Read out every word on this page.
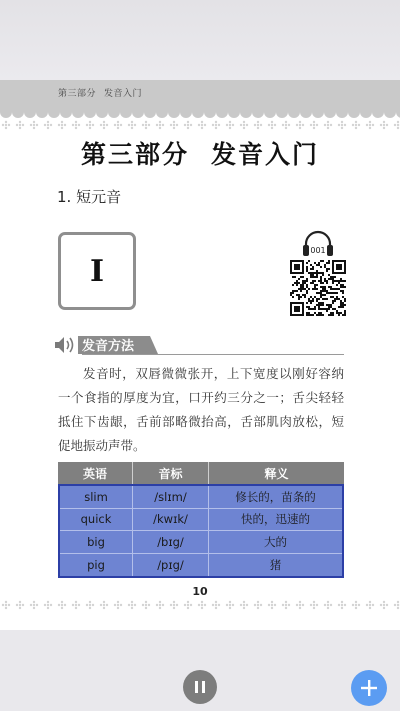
第三部分 发音入门
第三部分 发音入门
1. 短元音
I
001
发音方法
发音时，双唇微微张开，上下宽度以刚好容纳一个食指的厚度为宜，口开约三分之一；舌尖轻轻抵住下齿龈，舌前部略微抬高，舌部肌肉放松，短促地振动声带。
英语	音标	释义
slim	/slɪm/	修长的，苗条的
quick	/kwɪk/	快的，迅速的
big	/bɪg/	大的
pig	/pɪg/	猪
10
